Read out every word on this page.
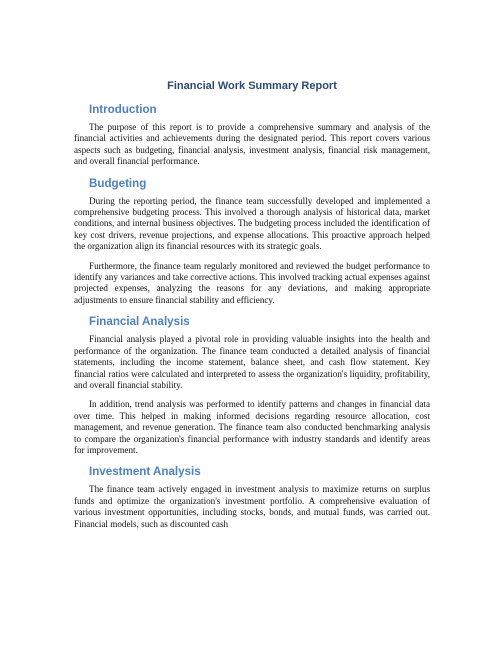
Financial Work Summary Report
Introduction

The purpose of this report is to provide a comprehensive summary and analysis of the financial activities and achievements during the designated period. This report covers various aspects such as budgeting, financial analysis, investment analysis, financial risk management, and overall financial performance.

Budgeting

During the reporting period, the finance team successfully developed and implemented a comprehensive budgeting process. This involved a thorough analysis of historical data, market conditions, and internal business objectives. The budgeting process included the identification of key cost drivers, revenue projections, and expense allocations. This proactive approach helped the organization align its financial resources with its strategic goals.

Furthermore, the finance team regularly monitored and reviewed the budget performance to identify any variances and take corrective actions. This involved tracking actual expenses against projected expenses, analyzing the reasons for any deviations, and making appropriate adjustments to ensure financial stability and efficiency.

Financial Analysis

Financial analysis played a pivotal role in providing valuable insights into the health and performance of the organization. The finance team conducted a detailed analysis of financial statements, including the income statement, balance sheet, and cash flow statement. Key financial ratios were calculated and interpreted to assess the organization's liquidity, profitability, and overall financial stability.

In addition, trend analysis was performed to identify patterns and changes in financial data over time. This helped in making informed decisions regarding resource allocation, cost management, and revenue generation. The finance team also conducted benchmarking analysis to compare the organization's financial performance with industry standards and identify areas for improvement.

Investment Analysis

The finance team actively engaged in investment analysis to maximize returns on surplus funds and optimize the organization's investment portfolio. A comprehensive evaluation of various investment opportunities, including stocks, bonds, and mutual funds, was carried out. Financial models, such as discounted cash
